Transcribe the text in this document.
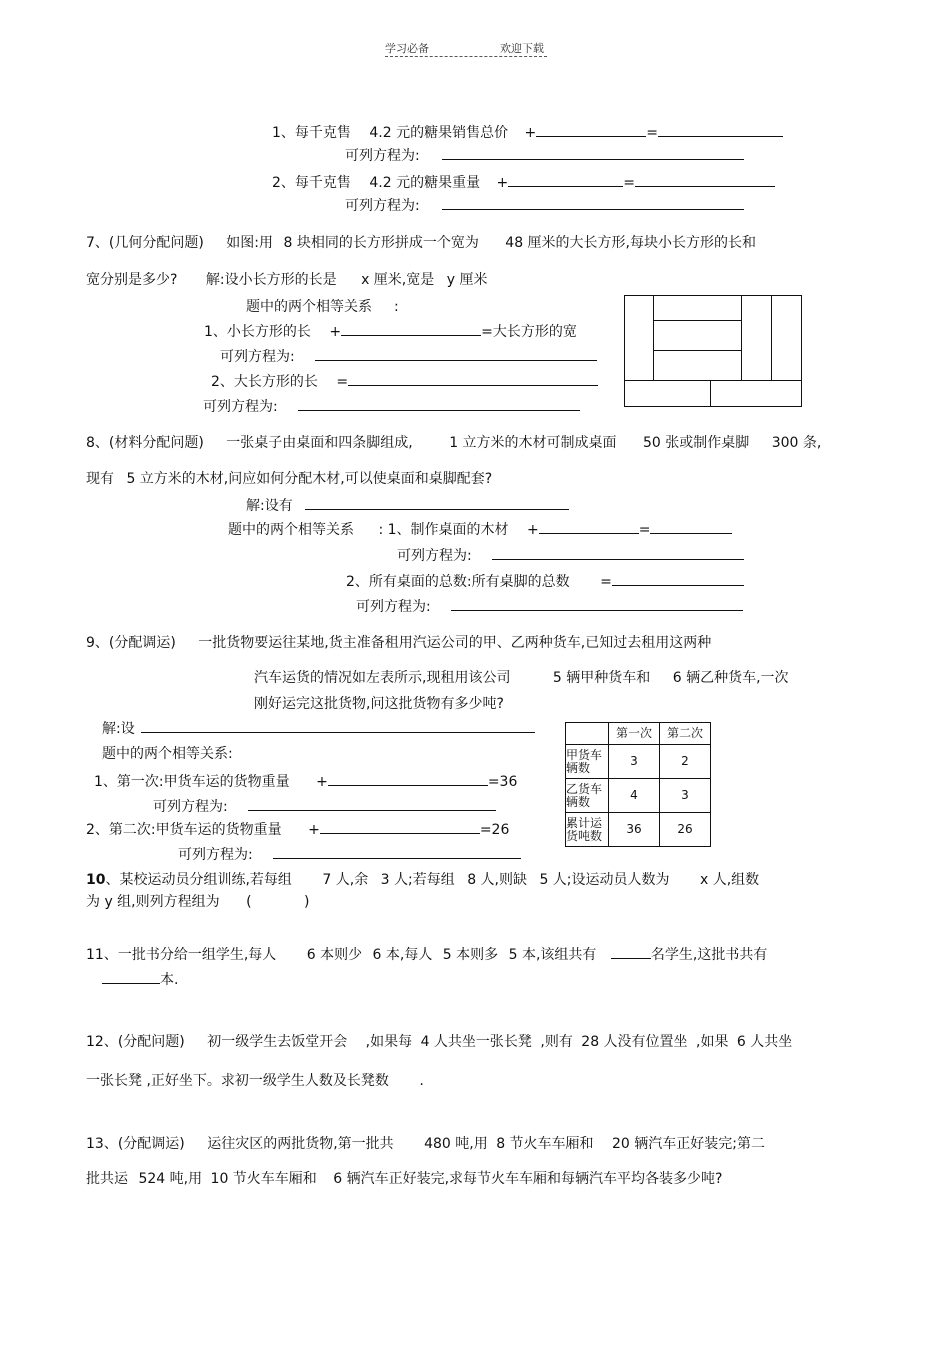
学习必备	欢迎下载
1、每千克售 4.2 元的糖果销售总价 +	=
可列方程为:
2、每千克售 4.2 元的糖果重量 +	=
可列方程为:
7、(几何分配问题) 如图:用 8 块相同的长方形拼成一个宽为 48 厘米的大长方形,每块小长方形的长和
宽分别是多少? 解:设小长方形的长是 x 厘米,宽是 y 厘米
题中的两个相等关系 :
1、小长方形的长 +	=大长方形的宽
可列方程为:
2、大长方形的长 =
可列方程为:
8、(材料分配问题) 一张桌子由桌面和四条脚组成,	1 立方米的木材可制成桌面 50 张或制作桌脚 300 条,
现有 5 立方米的木材,问应如何分配木材,可以使桌面和桌脚配套?
解:设有
题中的两个相等关系 : 1、制作桌面的木材 +	=
可列方程为:
2、所有桌面的总数:所有桌脚的总数 =
可列方程为:
9、(分配调运) 一批货物要运往某地,货主准备租用汽运公司的甲、乙两种货车,已知过去租用这两种
汽车运货的情况如左表所示,现租用该公司	5 辆甲种货车和 6 辆乙种货车,一次
刚好运完这批货物,问这批货物有多少吨?
解:设
题中的两个相等关系:
1、第一次:甲货车运的货物重量 +	=36
可列方程为:
2、第二次:甲货车运的货物重量 +	=26
可列方程为:
	第一次	第二次
甲货车
辆数	3	2
乙货车
辆数	4	3
累计运
货吨数	36	26
10、某校运动员分组训练,若每组 7 人,余 3 人;若每组 8 人,则缺 5 人;设运动员人数为 x 人,组数
为 y 组,则列方程组为 (	)
11、一批书分给一组学生,每人 6 本则少 6 本,每人 5 本则多 5 本,该组共有	名学生,这批书共有
本.
12、(分配问题) 初一级学生去饭堂开会 ,如果每 4 人共坐一张长凳 ,则有 28 人没有位置坐 ,如果 6 人共坐
一张长凳 ,正好坐下。求初一级学生人数及长凳数 .
13、(分配调运) 运往灾区的两批货物,第一批共 480 吨,用 8 节火车车厢和 20 辆汽车正好装完;第二
批共运 524 吨,用 10 节火车车厢和 6 辆汽车正好装完,求每节火车车厢和每辆汽车平均各装多少吨?
